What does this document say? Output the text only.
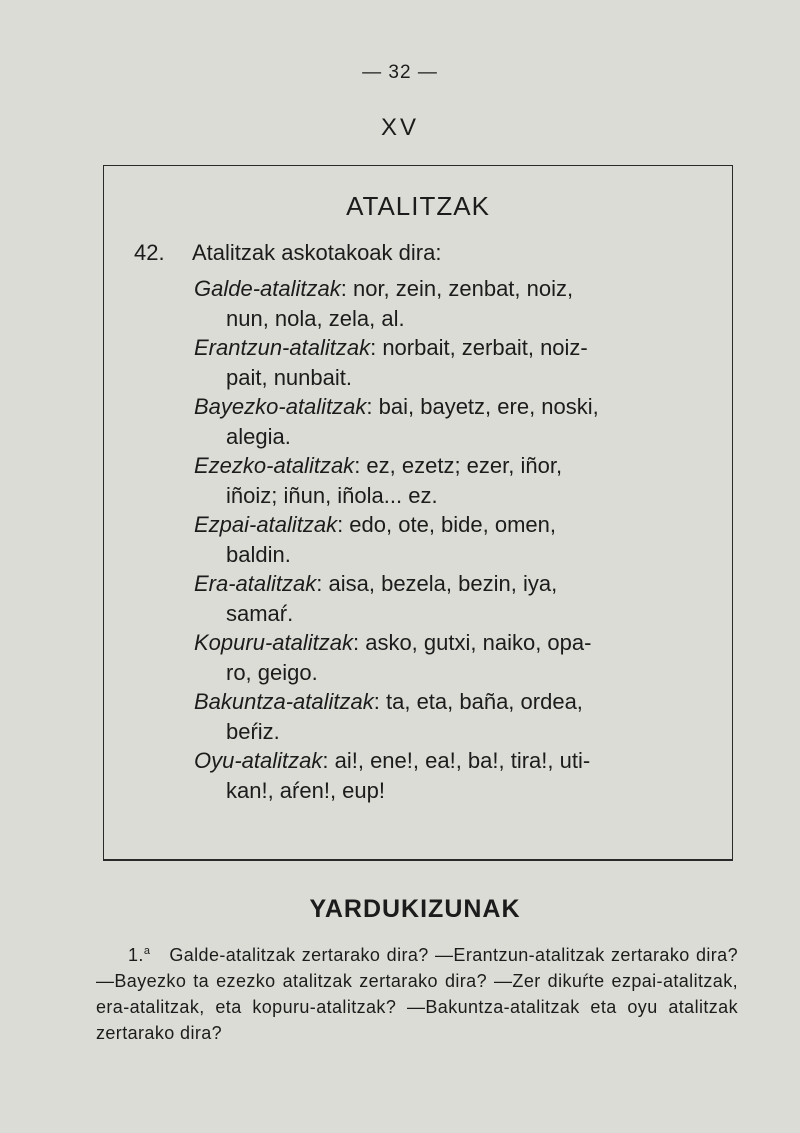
— 32 —
XV
ATALITZAK
42. Atalitzak askotakoak dira:
Galde-atalitzak: nor, zein, zenbat, noiz,
nun, nola, zela, al.
Erantzun-atalitzak: norbait, zerbait, noiz-
pait, nunbait.
Bayezko-atalitzak: bai, bayetz, ere, noski,
alegia.
Ezezko-atalitzak: ez, ezetz; ezer, iñor,
iñoiz; iñun, iñola... ez.
Ezpai-atalitzak: edo, ote, bide, omen,
baldin.
Era-atalitzak: aisa, bezela, bezin, iya,
samaŕ.
Kopuru-atalitzak: asko, gutxi, naiko, opa-
ro, geigo.
Bakuntza-atalitzak: ta, eta, baña, ordea,
beŕiz.
Oyu-atalitzak: ai!, ene!, ea!, ba!, tira!, uti-
kan!, aŕen!, eup!
YARDUKIZUNAK
1.$^a$ Galde-atalitzak zertarako dira? —Erantzun-atalitzak zertarako dira? —Bayezko ta ezezko atalitzak zertarako dira? —Zer dikuŕte ezpai-atalitzak, era-atalitzak, eta kopuru-atalitzak? —Bakuntza-atalitzak eta oyu atalitzak zertarako dira?
